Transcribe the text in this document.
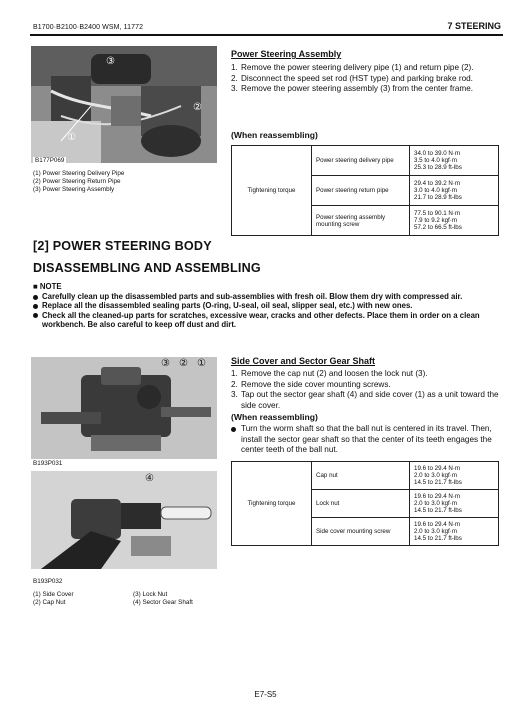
B1700·B2100·B2400 WSM, 11772	7 STEERING
③
②
①
B177P069
(1) Power Steering Delivery Pipe
(2) Power Steering Return Pipe
(3) Power Steering Assembly
Power Steering Assembly
1. Remove the power steering delivery pipe (1) and return pipe (2).
2. Disconnect the speed set rod (HST type) and parking brake rod.
3. Remove the power steering assembly (3) from the center frame.
(When reassembling)
Tightening torque	Power steering delivery pipe	34.0 to 39.0 N·m
3.5 to 4.0 kgf·m
25.3 to 28.9 ft-lbs

	Power steering return pipe	29.4 to 39.2 N·m
3.0 to 4.0 kgf·m
21.7 to 28.9 ft-lbs

	Power steering assembly mounting screw	77.5 to 90.1 N·m
7.9 to 9.2 kgf·m
57.2 to 66.5 ft-lbs
[2] POWER STEERING BODY
DISASSEMBLING AND ASSEMBLING
■ NOTE
Carefully clean up the disassembled parts and sub-assemblies with fresh oil. Blow them dry with compressed air.
Replace all the disassembled sealing parts (O-ring, U-seal, oil seal, slipper seal, etc.) with new ones.
Check all the cleaned-up parts for scratches, excessive wear, cracks and other defects. Place them in order on a clean workbench. Be also careful to keep off dust and dirt.
③ ② ①
B193P031
④
B193P032
(1) Side Cover
(2) Cap Nut
(3) Lock Nut
(4) Sector Gear Shaft
Side Cover and Sector Gear Shaft
1. Remove the cap nut (2) and loosen the lock nut (3).
2. Remove the side cover mounting screws.
3. Tap out the sector gear shaft (4) and side cover (1) as a unit toward the side cover.
(When reassembling)
Turn the worm shaft so that the ball nut is centered in its travel. Then, install the sector gear shaft so that the center of its teeth engages the center teeth of the ball nut.
Tightening torque	Cap nut	19.6 to 29.4 N·m
2.0 to 3.0 kgf·m
14.5 to 21.7 ft-lbs

	Lock nut	19.6 to 29.4 N·m
2.0 to 3.0 kgf·m
14.5 to 21.7 ft-lbs

	Side cover mounting screw	19.6 to 29.4 N·m
2.0 to 3.0 kgf·m
14.5 to 21.7 ft-lbs
E7-S5
